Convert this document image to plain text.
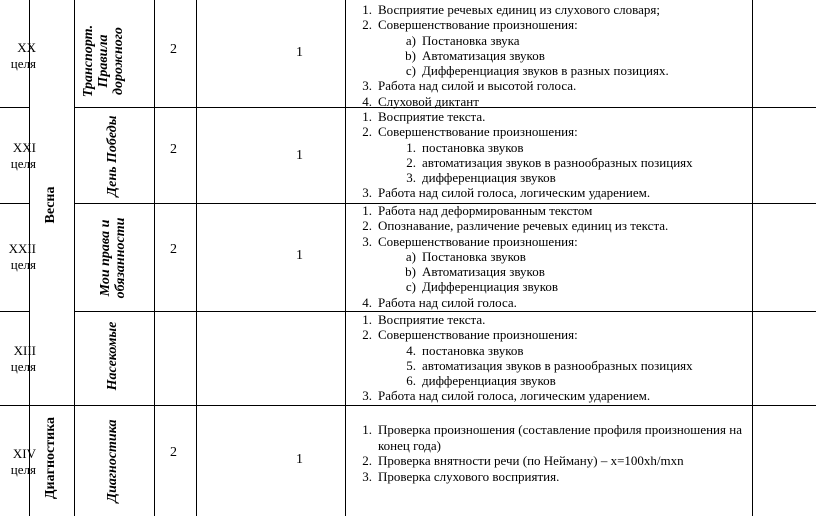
XX
целя
XXI
целя
XXII
целя
XIII
целя
XIV
целя
Весна
Диагностика
Транспорт. Правила дорожного
День Победы
Мои права и обязанности
Насекомые
Диагностика
2
2
2
2
1
1
1
1
1. Восприятие речевых единиц из слухового словаря;
2. Совершенствование произношения:
a) Постановка звука
b) Автоматизация звуков
c) Дифференциация звуков в разных позициях.
3. Работа над силой и высотой голоса.
4. Слуховой диктант
1. Восприятие текста.
2. Совершенствование произношения:
1. постановка звуков
2. автоматизация звуков в разнообразных позициях
3. дифференциация звуков
3. Работа над силой голоса, логическим ударением.
1. Работа над деформированным текстом
2. Опознавание, различение речевых единиц из текста.
3. Совершенствование произношения:
a) Постановка звуков
b) Автоматизация звуков
c) Дифференциация звуков
4. Работа над силой голоса.
1. Восприятие текста.
2. Совершенствование произношения:
4. постановка звуков
5. автоматизация звуков в разнообразных позициях
6. дифференциация звуков
3. Работа над силой голоса, логическим ударением.
1. Проверка произношения (составление профиля произношения на конец года)
2. Проверка внятности речи (по Нейману) – x=100xh/mxn
3. Проверка слухового восприятия.
